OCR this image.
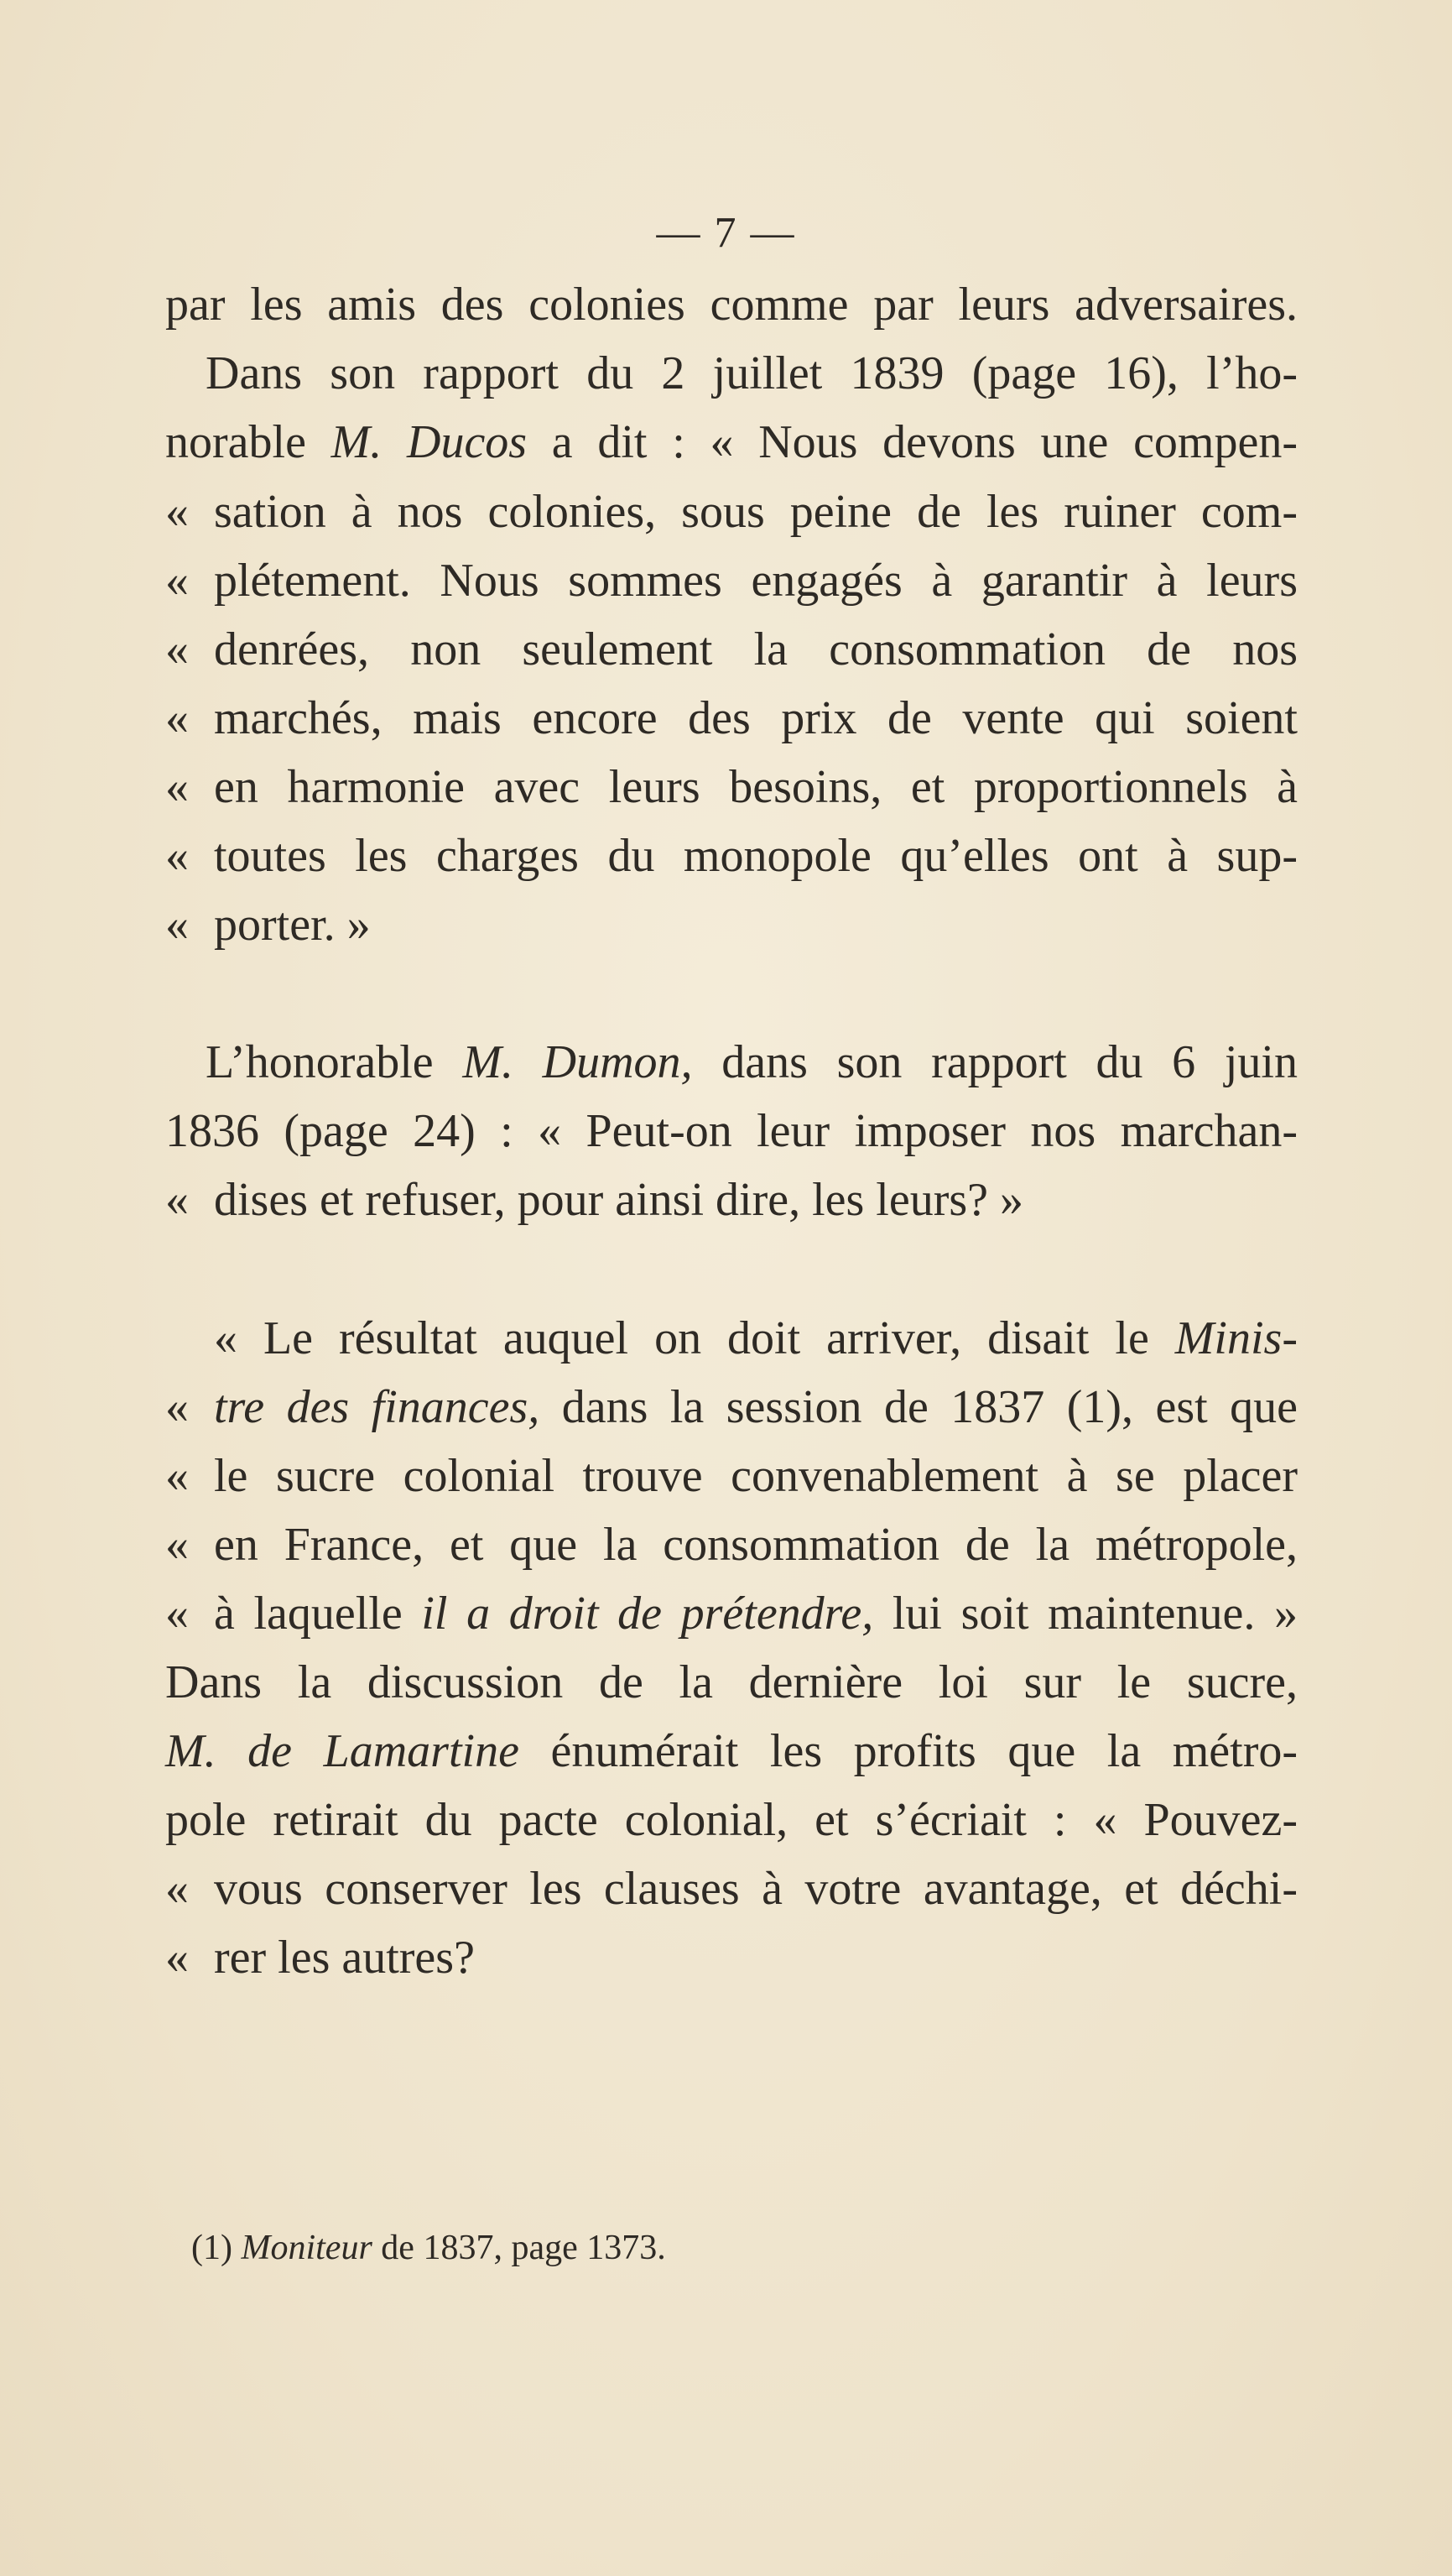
— 7 —
par les amis des colonies comme par leurs adversaires.
Dans son rapport du 2 juillet 1839 (page 16), l’ho-
norable M. Ducos a dit : « Nous devons une compen-
« sation à nos colonies, sous peine de les ruiner com-
« plétement. Nous sommes engagés à garantir à leurs
« denrées, non seulement la consommation de nos
« marchés, mais encore des prix de vente qui soient
« en harmonie avec leurs besoins, et proportionnels à
« toutes les charges du monopole qu’elles ont à sup-
« porter. »
L’honorable M. Dumon, dans son rapport du 6 juin
1836 (page 24) : « Peut-on leur imposer nos marchan-
« dises et refuser, pour ainsi dire, les leurs? »
« Le résultat auquel on doit arriver, disait le Minis-
« tre des finances, dans la session de 1837 (1), est que
« le sucre colonial trouve convenablement à se placer
« en France, et que la consommation de la métropole,
« à laquelle il a droit de prétendre, lui soit maintenue. »
Dans la discussion de la dernière loi sur le sucre,
M. de Lamartine énumérait les profits que la métro-
pole retirait du pacte colonial, et s’écriait : « Pouvez-
« vous conserver les clauses à votre avantage, et déchi-
« rer les autres?
(1) Moniteur de 1837, page 1373.
